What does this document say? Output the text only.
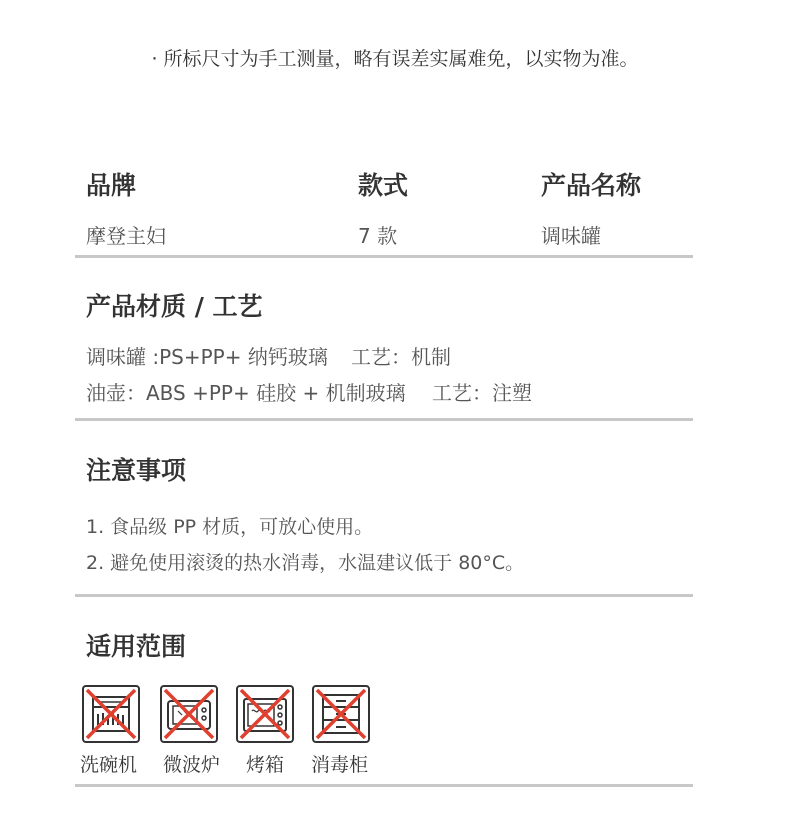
· 所标尺寸为手工测量，略有误差实属难免，以实物为准。
品牌
摩登主妇
款式
7 款
产品名称
调味罐
产品材质 / 工艺
调味罐 :PS+PP+ 纳钙玻璃 工艺：机制
油壶：ABS +PP+ 硅胶 + 机制玻璃 工艺：注塑
注意事项
1. 食品级 PP 材质，可放心使用。
2. 避免使用滚烫的热水消毒，水温建议低于 80°C。
适用范围
洗碗机 微波炉 烤箱 消毒柜
